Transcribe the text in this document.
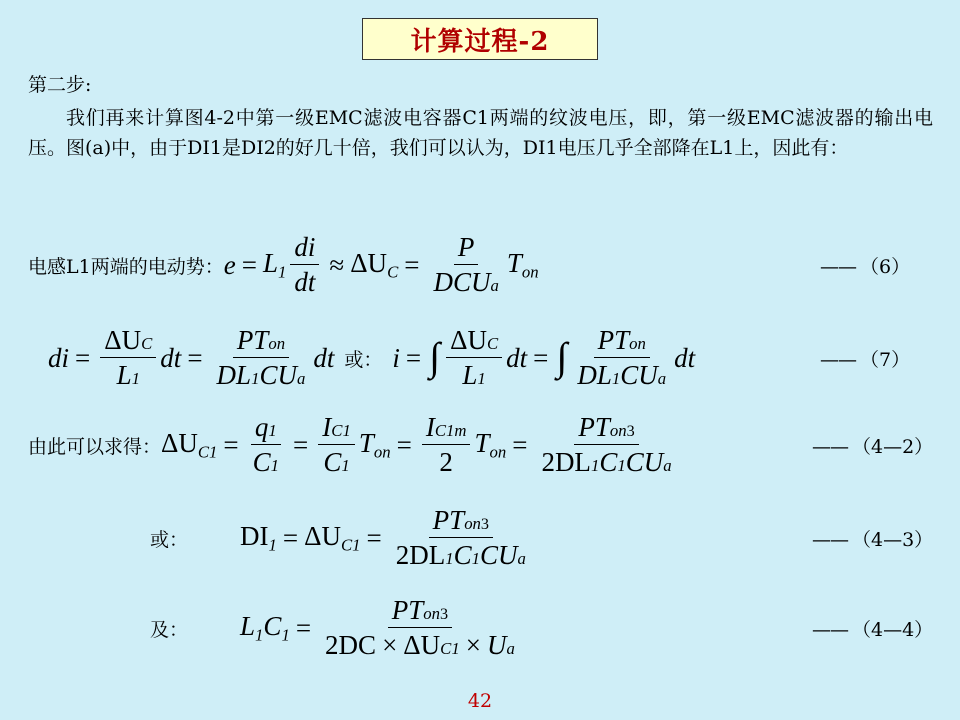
计算过程-2
第二步:
我们再来计算图4-2中第一级EMC滤波电容器C1两端的纹波电压，即，第一级EMC滤波器的输出电压。图(a)中，由于DI1是DI2的好几十倍，我们可以认为，DI1电压几乎全部降在L1上，因此有：
电感L1两端的电动势： $e = L_1 \frac{di}{dt} \approx \Delta U_C = \frac{P}{\text{DCU a}} T_{on}$	—— （6）
di = $\frac{\text{ΔU C}}{L 1}$ dt = $\frac{\text{PT on}}{\text{DL 1 CU a}}$ dt 或： i = ∫ $\frac{\text{ΔU C}}{L 1}$ dt = ∫ $\frac{\text{PT on}}{\text{DL 1 CU a}}$ dt	—— （7）
由此可以求得： $\Delta U_{C1} = \frac{q 1}{C 1} = \frac{\text{I C1}}{C 1} T_{on} = \frac{\text{I C1m}}{2} T_{on} = \frac{\text{PT on 3}}{\text{2DL 1 C 1 CU a}}$	—— （4—2）
或：	$DI_1 = \Delta U_{C1} = \frac{\text{PT on 3}}{\text{2DL 1 C 1 CU a}}$	—— （4—3）
及：	$L_1C_1 = \frac{\text{PT on 3}}{\text{2DC × ΔU C1 × U a}}$	—— （4—4）
42
